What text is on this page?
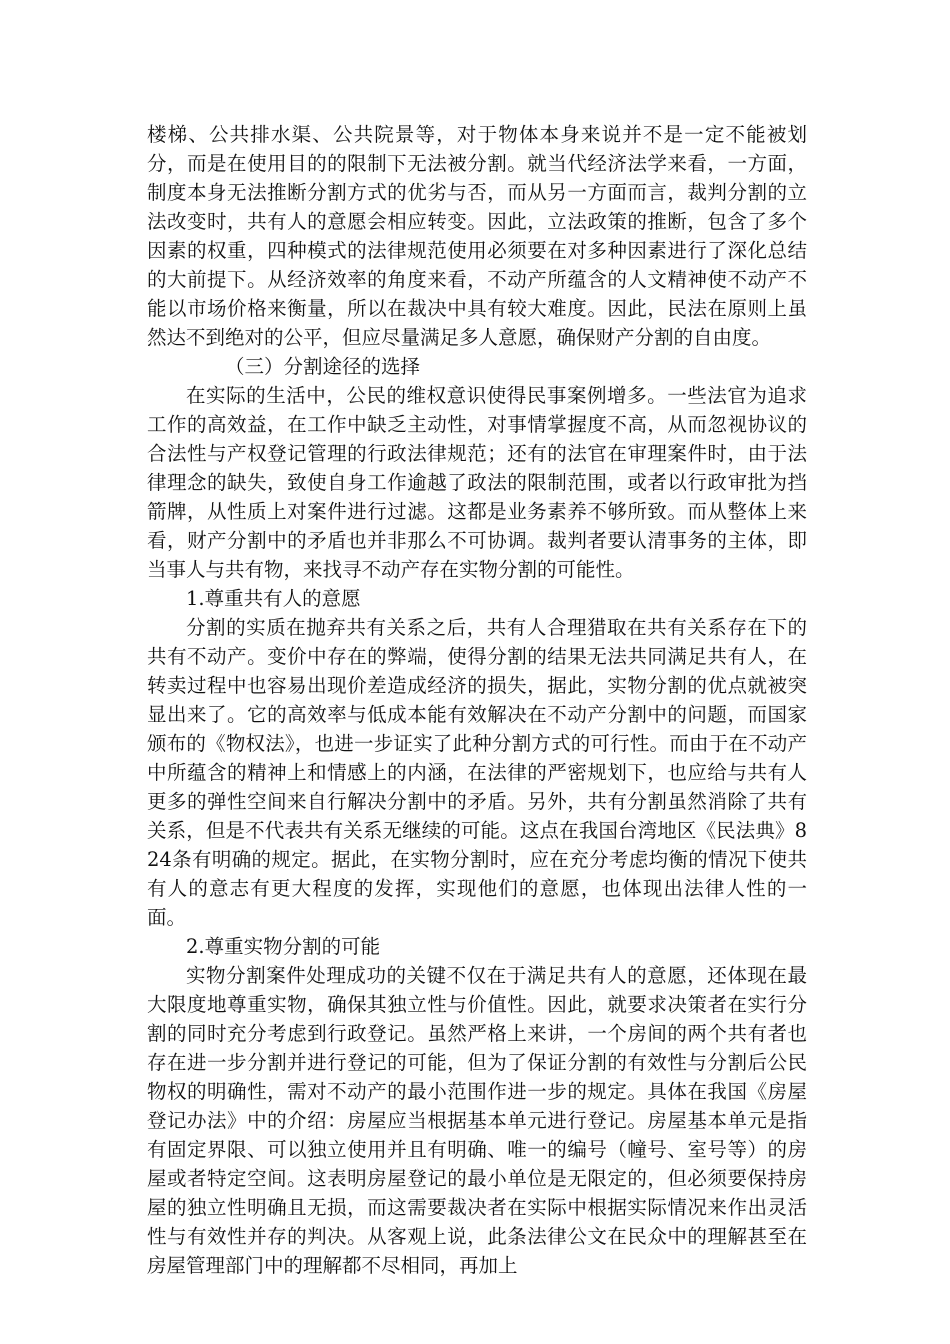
楼梯、公共排水渠、公共院景等，对于物体本身来说并不是一定不能被划分，而是在使用目的的限制下无法被分割。就当代经济法学来看，一方面，制度本身无法推断分割方式的优劣与否，而从另一方面而言，裁判分割的立法改变时，共有人的意愿会相应转变。因此，立法政策的推断，包含了多个因素的权重，四种模式的法律规范使用必须要在对多种因素进行了深化总结的大前提下。从经济效率的角度来看，不动产所蕴含的人文精神使不动产不能以市场价格来衡量，所以在裁决中具有较大难度。因此，民法在原则上虽然达不到绝对的公平，但应尽量满足多人意愿，确保财产分割的自由度。

（三）分割途径的选择

在实际的生活中，公民的维权意识使得民事案例增多。一些法官为追求工作的高效益，在工作中缺乏主动性，对事情掌握度不高，从而忽视协议的合法性与产权登记管理的行政法律规范；还有的法官在审理案件时，由于法律理念的缺失，致使自身工作逾越了政法的限制范围，或者以行政审批为挡箭牌，从性质上对案件进行过滤。这都是业务素养不够所致。而从整体上来看，财产分割中的矛盾也并非那么不可协调。裁判者要认清事务的主体，即当事人与共有物，来找寻不动产存在实物分割的可能性。

1.尊重共有人的意愿

分割的实质在抛弃共有关系之后，共有人合理猎取在共有关系存在下的共有不动产。变价中存在的弊端，使得分割的结果无法共同满足共有人，在转卖过程中也容易出现价差造成经济的损失，据此，实物分割的优点就被突显出来了。它的高效率与低成本能有效解决在不动产分割中的问题，而国家颁布的《物权法》，也进一步证实了此种分割方式的可行性。而由于在不动产中所蕴含的精神上和情感上的内涵，在法律的严密规划下，也应给与共有人更多的弹性空间来自行解决分割中的矛盾。另外，共有分割虽然消除了共有关系，但是不代表共有关系无继续的可能。这点在我国台湾地区《民法典》824条有明确的规定。据此，在实物分割时，应在充分考虑均衡的情况下使共有人的意志有更大程度的发挥，实现他们的意愿，也体现出法律人性的一面。

2.尊重实物分割的可能

实物分割案件处理成功的关键不仅在于满足共有人的意愿，还体现在最大限度地尊重实物，确保其独立性与价值性。因此，就要求决策者在实行分割的同时充分考虑到行政登记。虽然严格上来讲，一个房间的两个共有者也存在进一步分割并进行登记的可能，但为了保证分割的有效性与分割后公民物权的明确性，需对不动产的最小范围作进一步的规定。具体在我国《房屋登记办法》中的介绍：房屋应当根据基本单元进行登记。房屋基本单元是指有固定界限、可以独立使用并且有明确、唯一的编号（幢号、室号等）的房屋或者特定空间。这表明房屋登记的最小单位是无限定的，但必须要保持房屋的独立性明确且无损，而这需要裁决者在实际中根据实际情况来作出灵活性与有效性并存的判决。从客观上说，此条法律公文在民众中的理解甚至在房屋管理部门中的理解都不尽相同，再加上
